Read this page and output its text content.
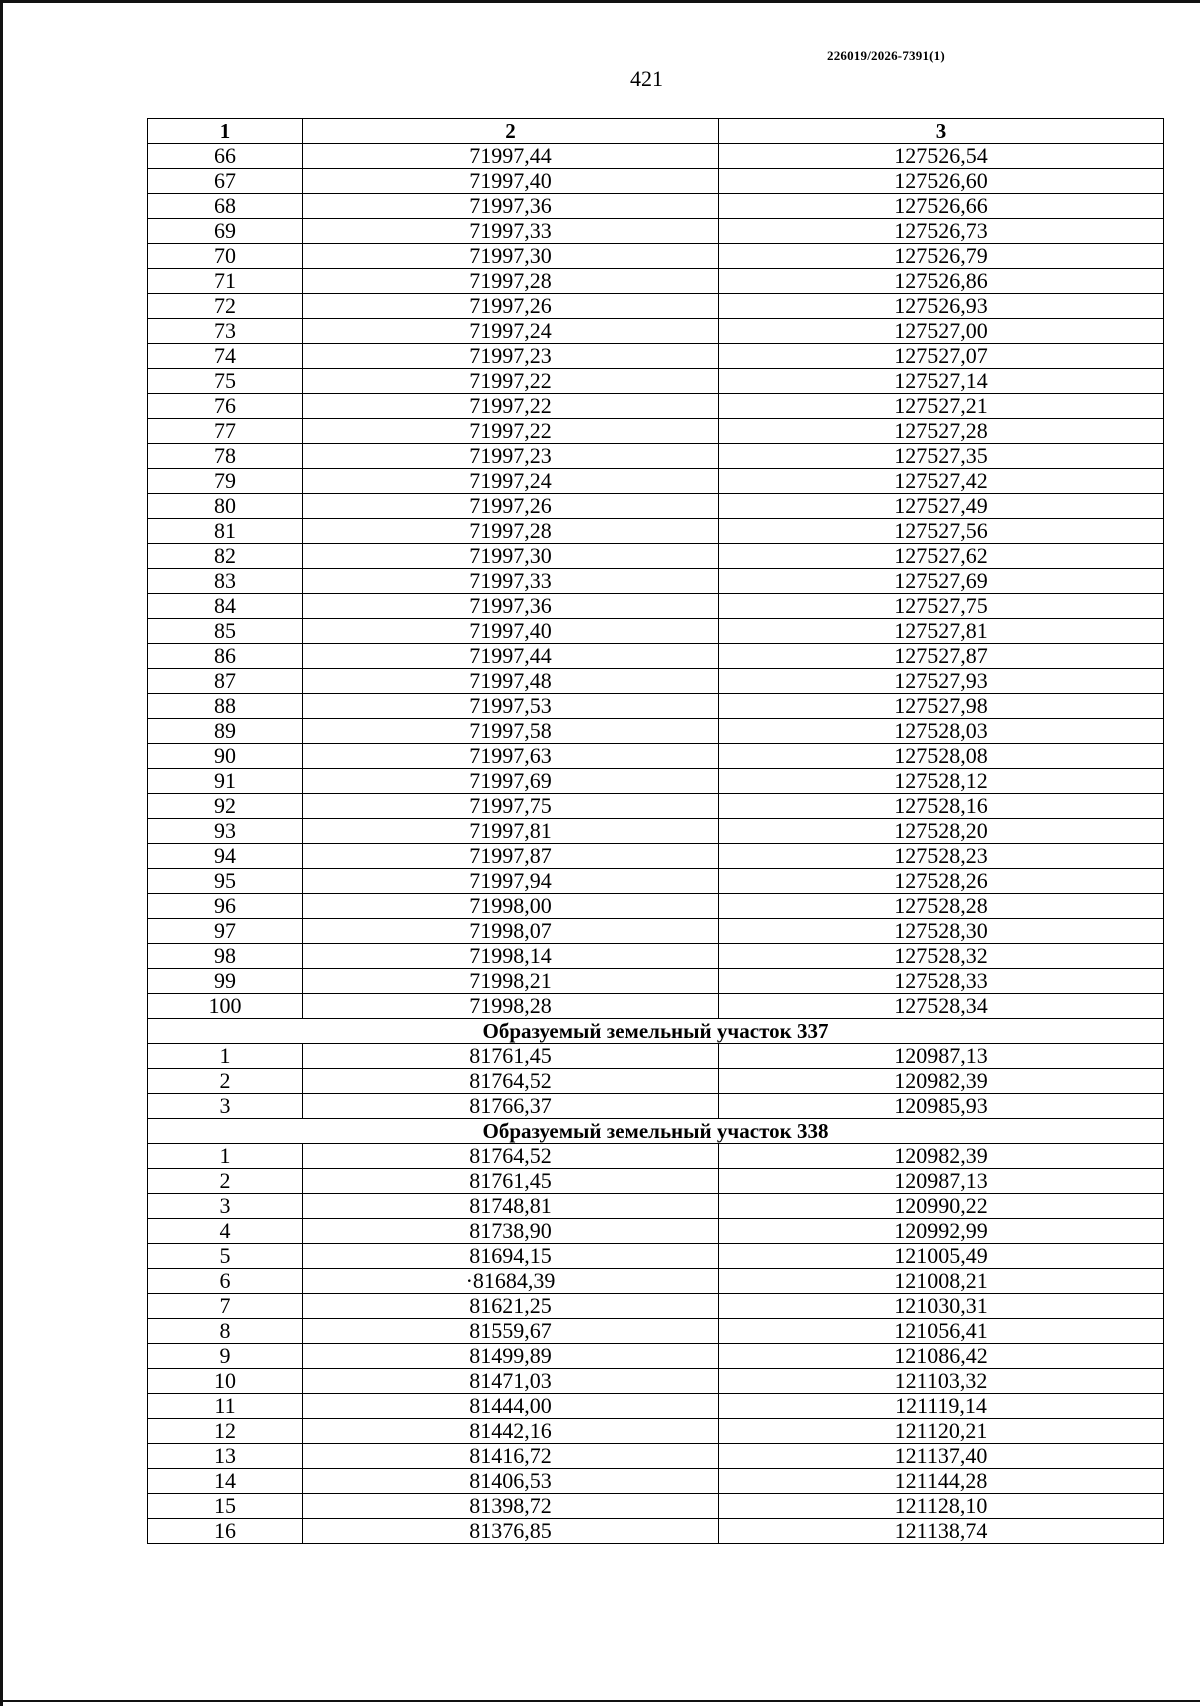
226019/2026-7391(1)
421
1	2	3
66	71997,44	127526,54
67	71997,40	127526,60
68	71997,36	127526,66
69	71997,33	127526,73
70	71997,30	127526,79
71	71997,28	127526,86
72	71997,26	127526,93
73	71997,24	127527,00
74	71997,23	127527,07
75	71997,22	127527,14
76	71997,22	127527,21
77	71997,22	127527,28
78	71997,23	127527,35
79	71997,24	127527,42
80	71997,26	127527,49
81	71997,28	127527,56
82	71997,30	127527,62
83	71997,33	127527,69
84	71997,36	127527,75
85	71997,40	127527,81
86	71997,44	127527,87
87	71997,48	127527,93
88	71997,53	127527,98
89	71997,58	127528,03
90	71997,63	127528,08
91	71997,69	127528,12
92	71997,75	127528,16
93	71997,81	127528,20
94	71997,87	127528,23
95	71997,94	127528,26
96	71998,00	127528,28
97	71998,07	127528,30
98	71998,14	127528,32
99	71998,21	127528,33
100	71998,28	127528,34
Образуемый земельный участок 337		
1	81761,45	120987,13
2	81764,52	120982,39
3	81766,37	120985,93
Образуемый земельный участок 338		
1	81764,52	120982,39
2	81761,45	120987,13
3	81748,81	120990,22
4	81738,90	120992,99
5	81694,15	121005,49
6	·81684,39	121008,21
7	81621,25	121030,31
8	81559,67	121056,41
9	81499,89	121086,42
10	81471,03	121103,32
11	81444,00	121119,14
12	81442,16	121120,21
13	81416,72	121137,40
14	81406,53	121144,28
15	81398,72	121128,10
16	81376,85	121138,74
